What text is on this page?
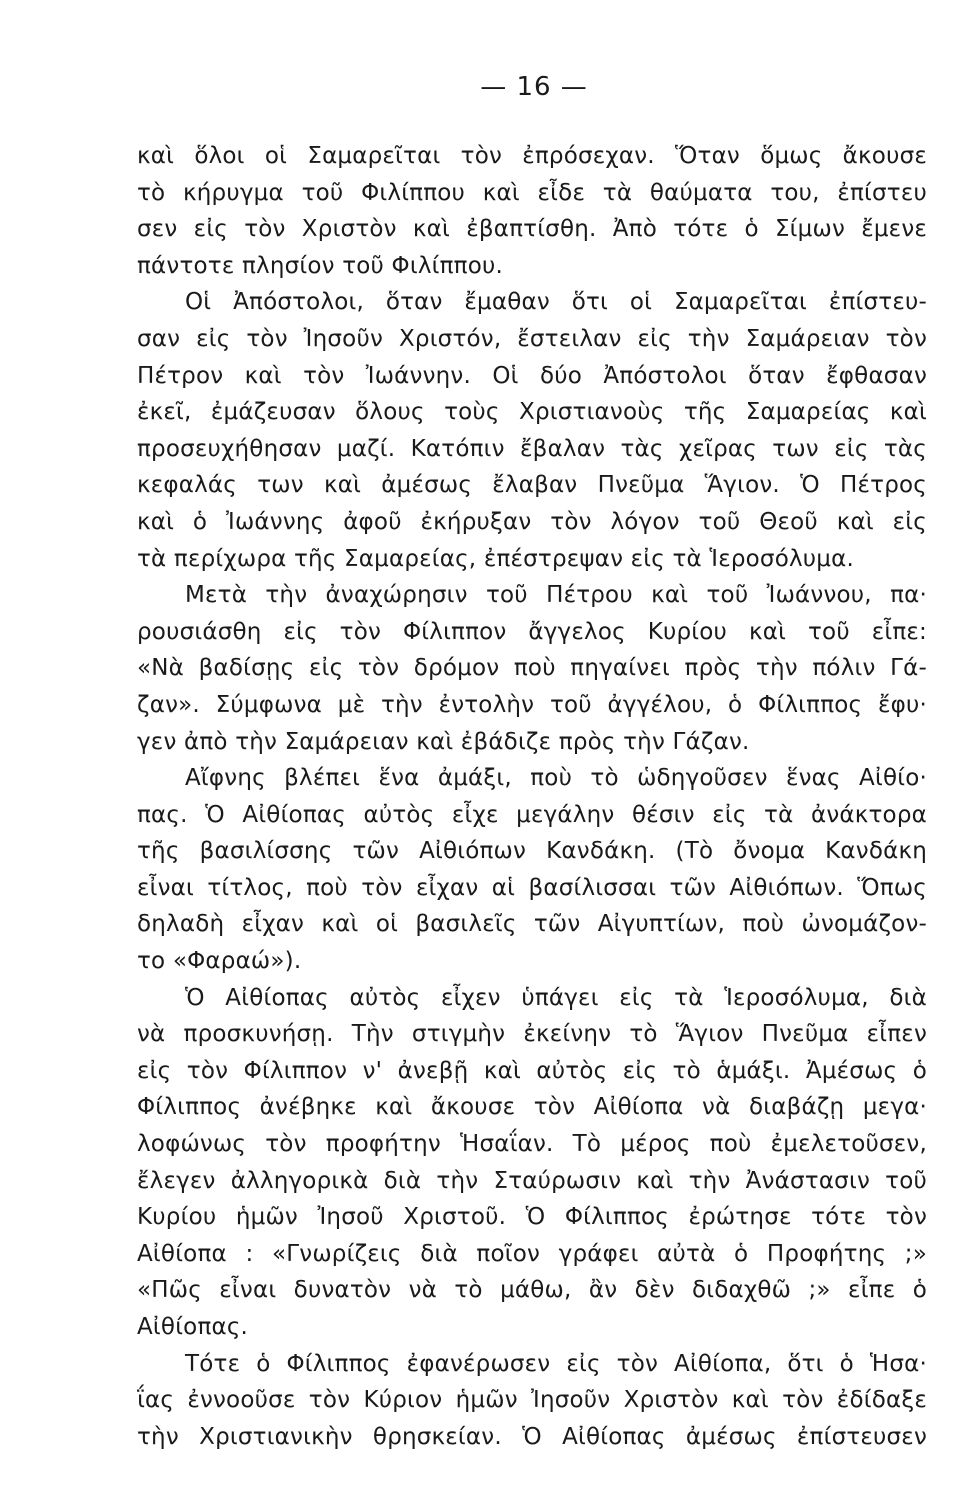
— 16 —
καὶ ὅλοι οἱ Σαμαρεῖται τὸν ἐπρόσεχαν. Ὅταν ὅμως ἄκουσε
τὸ κήρυγμα τοῦ Φιλίππου καὶ εἶδε τὰ θαύματα του, ἐπίστευ
σεν εἰς τὸν Χριστὸν καὶ ἐβαπτίσθη. Ἀπὸ τότε ὁ Σίμων ἔμενε
πάντοτε πλησίον τοῦ Φιλίππου.
Οἱ Ἀπόστολοι, ὅταν ἔμαθαν ὅτι οἱ Σαμαρεῖται ἐπίστευ-
σαν εἰς τὸν Ἰησοῦν Χριστόν, ἔστειλαν εἰς τὴν Σαμάρειαν τὸν
Πέτρον καὶ τὸν Ἰωάννην. Οἱ δύο Ἀπόστολοι ὅταν ἔφθασαν
ἐκεῖ, ἐμάζευσαν ὅλους τοὺς Χριστιανοὺς τῆς Σαμαρείας καὶ
προσευχήθησαν μαζί. Κατόπιν ἔβαλαν τὰς χεῖρας των εἰς τὰς
κεφαλάς των καὶ ἀμέσως ἔλαβαν Πνεῦμα Ἅγιον. Ὁ Πέτρος
καὶ ὁ Ἰωάννης ἀφοῦ ἐκήρυξαν τὸν λόγον τοῦ Θεοῦ καὶ εἰς
τὰ περίχωρα τῆς Σαμαρείας, ἐπέστρεψαν εἰς τὰ Ἱεροσόλυμα.
Μετὰ τὴν ἀναχώρησιν τοῦ Πέτρου καὶ τοῦ Ἰωάννου, πα·
ρουσιάσθη εἰς τὸν Φίλιππον ἄγγελος Κυρίου καὶ τοῦ εἶπε:
«Νὰ βαδίσῃς εἰς τὸν δρόμον ποὺ πηγαίνει πρὸς τὴν πόλιν Γά-
ζαν». Σύμφωνα μὲ τὴν ἐντολὴν τοῦ ἀγγέλου, ὁ Φίλιππος ἔφυ·
γεν ἀπὸ τὴν Σαμάρειαν καὶ ἐβάδιζε πρὸς τὴν Γάζαν.
Αἴφνης βλέπει ἕνα ἀμάξι, ποὺ τὸ ὡδηγοῦσεν ἕνας Αἰθίο·
πας. Ὁ Αἰθίοπας αὐτὸς εἶχε μεγάλην θέσιν εἰς τὰ ἀνάκτορα
τῆς βασιλίσσης τῶν Αἰθιόπων Κανδάκη. (Τὸ ὄνομα Κανδάκη
εἶναι τίτλος, ποὺ τὸν εἶχαν αἱ βασίλισσαι τῶν Αἰθιόπων. Ὅπως
δηλαδὴ εἶχαν καὶ οἱ βασιλεῖς τῶν Αἰγυπτίων, ποὺ ὠνομάζον-
το «Φαραώ»).
Ὁ Αἰθίοπας αὐτὸς εἶχεν ὑπάγει εἰς τὰ Ἱεροσόλυμα, διὰ
νὰ προσκυνήσῃ. Τὴν στιγμὴν ἐκείνην τὸ Ἅγιον Πνεῦμα εἶπεν
εἰς τὸν Φίλιππον ν' ἀνεβῇ καὶ αὐτὸς εἰς τὸ ἁμάξι. Ἀμέσως ὁ
Φίλιππος ἀνέβηκε καὶ ἄκουσε τὸν Αἰθίοπα νὰ διαβάζῃ μεγα·
λοφώνως τὸν προφήτην Ἡσαΐαν. Τὸ μέρος ποὺ ἐμελετοῦσεν,
ἔλεγεν ἀλληγορικὰ διὰ τὴν Σταύρωσιν καὶ τὴν Ἀνάστασιν τοῦ
Κυρίου ἡμῶν Ἰησοῦ Χριστοῦ. Ὁ Φίλιππος ἐρώτησε τότε τὸν
Αἰθίοπα : «Γνωρίζεις διὰ ποῖον γράφει αὐτὰ ὁ Προφήτης ;»
«Πῶς εἶναι δυνατὸν νὰ τὸ μάθω, ἂν δὲν διδαχθῶ ;» εἶπε ὁ
Αἰθίοπας.
Τότε ὁ Φίλιππος ἐφανέρωσεν εἰς τὸν Αἰθίοπα, ὅτι ὁ Ἡσα·
ΐας ἐννοοῦσε τὸν Κύριον ἡμῶν Ἰησοῦν Χριστὸν καὶ τὸν ἐδίδαξε
τὴν Χριστιανικὴν θρησκείαν. Ὁ Αἰθίοπας ἀμέσως ἐπίστευσεν
